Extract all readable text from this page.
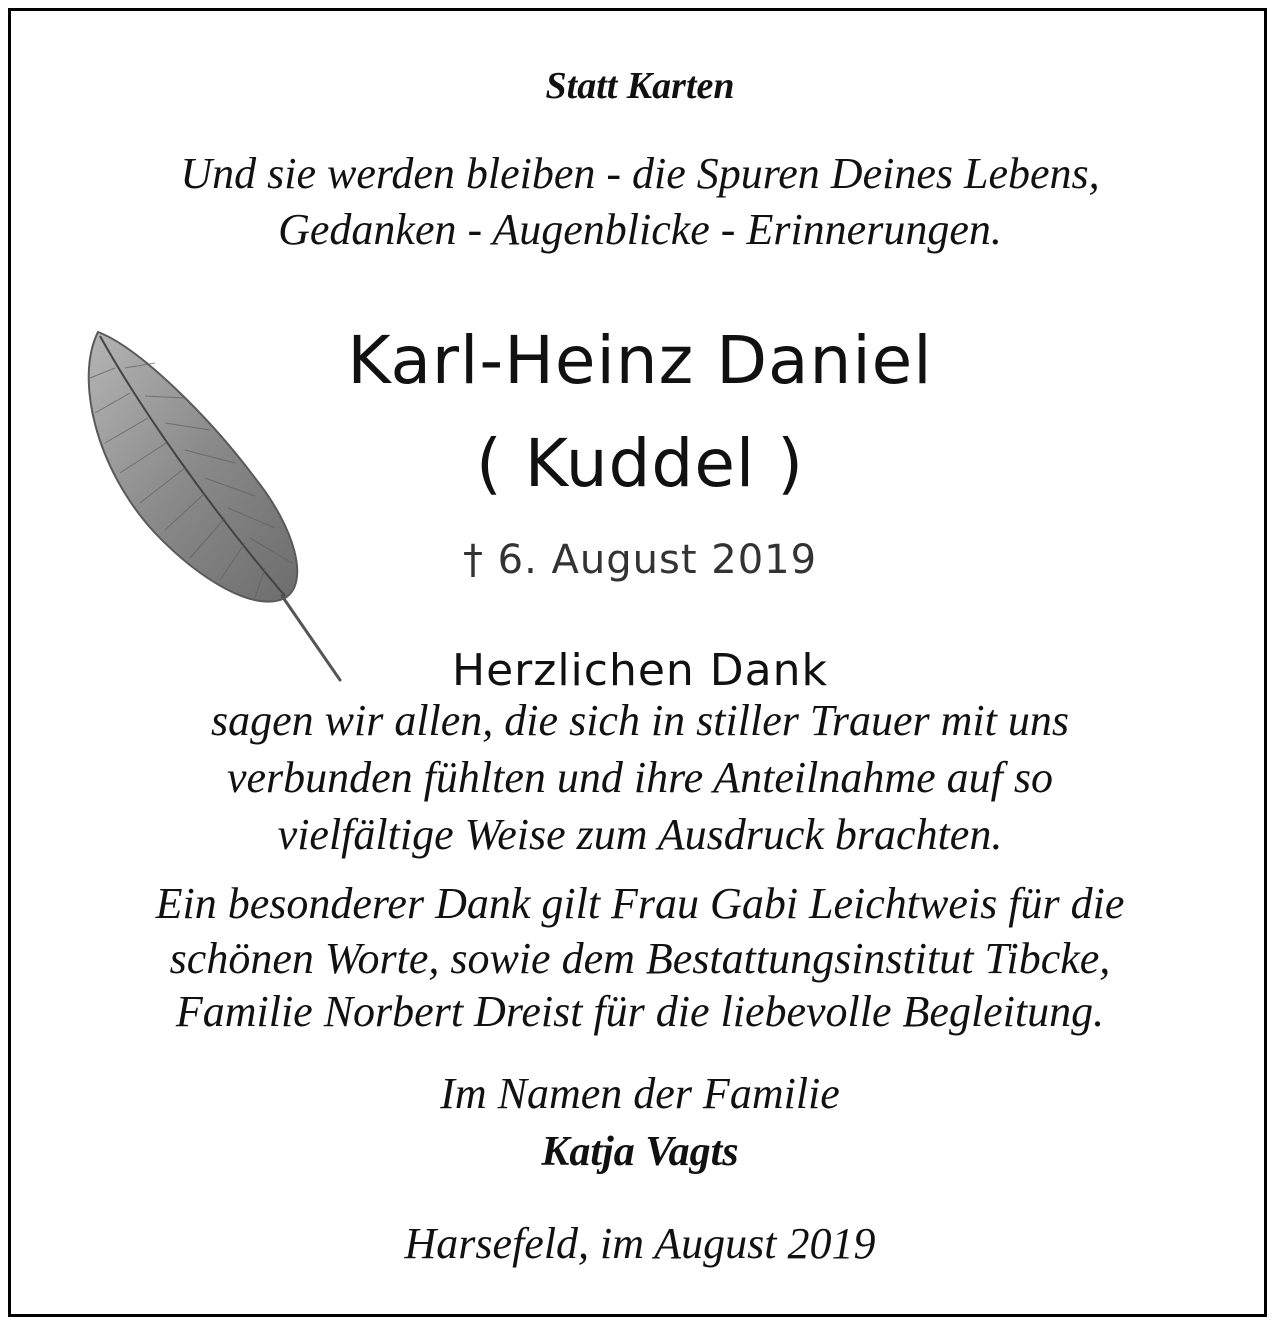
Statt Karten
Und sie werden bleiben - die Spuren Deines Lebens,
Gedanken - Augenblicke - Erinnerungen.
Karl-Heinz Daniel
( Kuddel )
† 6. August 2019
Herzlichen Dank
sagen wir allen, die sich in stiller Trauer mit uns
verbunden fühlten und ihre Anteilnahme auf so
vielfältige Weise zum Ausdruck brachten.
Ein besonderer Dank gilt Frau Gabi Leichtweis für die
schönen Worte, sowie dem Bestattungsinstitut Tibcke,
Familie Norbert Dreist für die liebevolle Begleitung.
Im Namen der Familie
Katja Vagts
Harsefeld, im August 2019
